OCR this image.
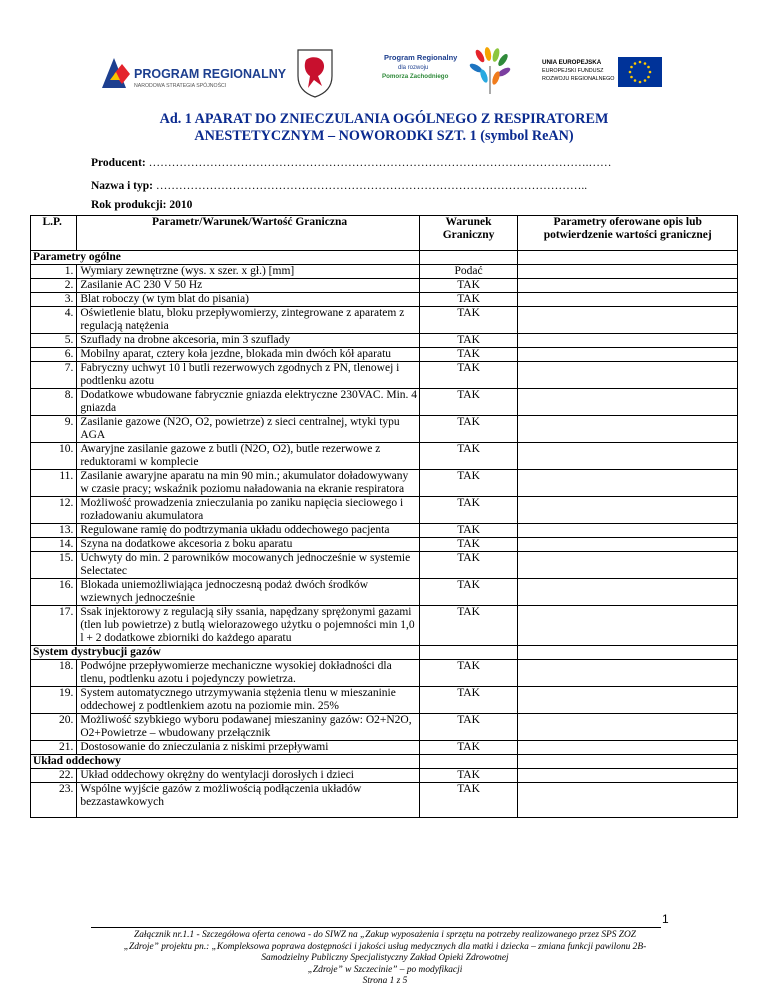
PROGRAM REGIONALNY
NARODOWA STRATEGIA SPÓJNOŚCI
Program Regionalny
dla rozwoju
Pomorza Zachodniego
UNIA EUROPEJSKA
EUROPEJSKI FUNDUSZ
ROZWOJU REGIONALNEGO
Ad. 1 APARAT DO ZNIECZULANIA OGÓLNEGO Z RESPIRATOREM
ANESTETYCZNYM – NOWORODKI SZT. 1 (symbol ReAN)
Producent: …………………………………………………………………………………………………….……
Nazwa i typ: …………………………………………………………………………………………………..
Rok produkcji: 2010
L.P.	Parametr/Warunek/Wartość Graniczna	Warunek Graniczny	Parametry oferowane opis lub potwierdzenie wartości granicznej
Parametry ogólne			
1.	Wymiary zewnętrzne (wys. x szer. x gł.) [mm]	Podać	
2.	Zasilanie AC 230 V 50 Hz	TAK	
3.	Blat roboczy (w tym blat do pisania)	TAK	
4.	Oświetlenie blatu, bloku przepływomierzy, zintegrowane z aparatem z regulacją natężenia	TAK	
5.	Szuflady na drobne akcesoria, min 3 szuflady	TAK	
6.	Mobilny aparat, cztery koła jezdne, blokada min dwóch kół aparatu	TAK	
7.	Fabryczny uchwyt 10 l butli rezerwowych zgodnych z PN, tlenowej i podtlenku azotu	TAK	
8.	Dodatkowe wbudowane fabrycznie gniazda elektryczne 230VAC. Min. 4 gniazda	TAK	
9.	Zasilanie gazowe (N2O, O2, powietrze) z sieci centralnej, wtyki typu AGA	TAK	
10.	Awaryjne zasilanie gazowe z butli (N2O, O2), butle rezerwowe z reduktorami w komplecie	TAK	
11.	Zasilanie awaryjne aparatu na min 90 min.; akumulator doładowywany w czasie pracy; wskaźnik poziomu naładowania na ekranie respiratora	TAK	
12.	Możliwość prowadzenia znieczulania po zaniku napięcia sieciowego i rozładowaniu akumulatora	TAK	
13.	Regulowane ramię do podtrzymania układu oddechowego pacjenta	TAK	
14.	Szyna na dodatkowe akcesoria z boku aparatu	TAK	
15.	Uchwyty do min. 2 parowników mocowanych jednocześnie w systemie Selectatec	TAK	
16.	Blokada uniemożliwiająca jednoczesną podaż dwóch środków wziewnych jednocześnie	TAK	
17.	Ssak injektorowy z regulacją siły ssania, napędzany sprężonymi gazami (tlen lub powietrze) z butlą wielorazowego użytku o pojemności min 1,0 l + 2 dodatkowe zbiorniki do każdego aparatu	TAK	
System dystrybucji gazów			
18.	Podwójne przepływomierze mechaniczne wysokiej dokładności dla tlenu, podtlenku azotu i pojedynczy powietrza.	TAK	
19.	System automatycznego utrzymywania stężenia tlenu w mieszaninie oddechowej z podtlenkiem azotu na poziomie min. 25%	TAK	
20.	Możliwość szybkiego wyboru podawanej mieszaniny gazów: O2+N2O, O2+Powietrze – wbudowany przełącznik	TAK	
21.	Dostosowanie do znieczulania z niskimi przepływami	TAK	
Układ oddechowy			
22.	Układ oddechowy okrężny do wentylacji dorosłych i dzieci	TAK	
23.	Wspólne wyjście gazów z możliwością podłączenia układów bezzastawkowych	TAK	
1
Załącznik nr.1.1 - Szczegółowa oferta cenowa - do SIWZ na „Zakup wyposażenia i sprzętu na potrzeby realizowanego przez SPS ZOZ
„Zdroje” projektu pn.: „Kompleksowa poprawa dostępności i jakości usług medycznych dla matki i dziecka – zmiana funkcji pawilonu 2B-
Samodzielny Publiczny Specjalistyczny Zakład Opieki Zdrowotnej
„Zdroje” w Szczecinie” – po modyfikacji
Strona 1 z 5
